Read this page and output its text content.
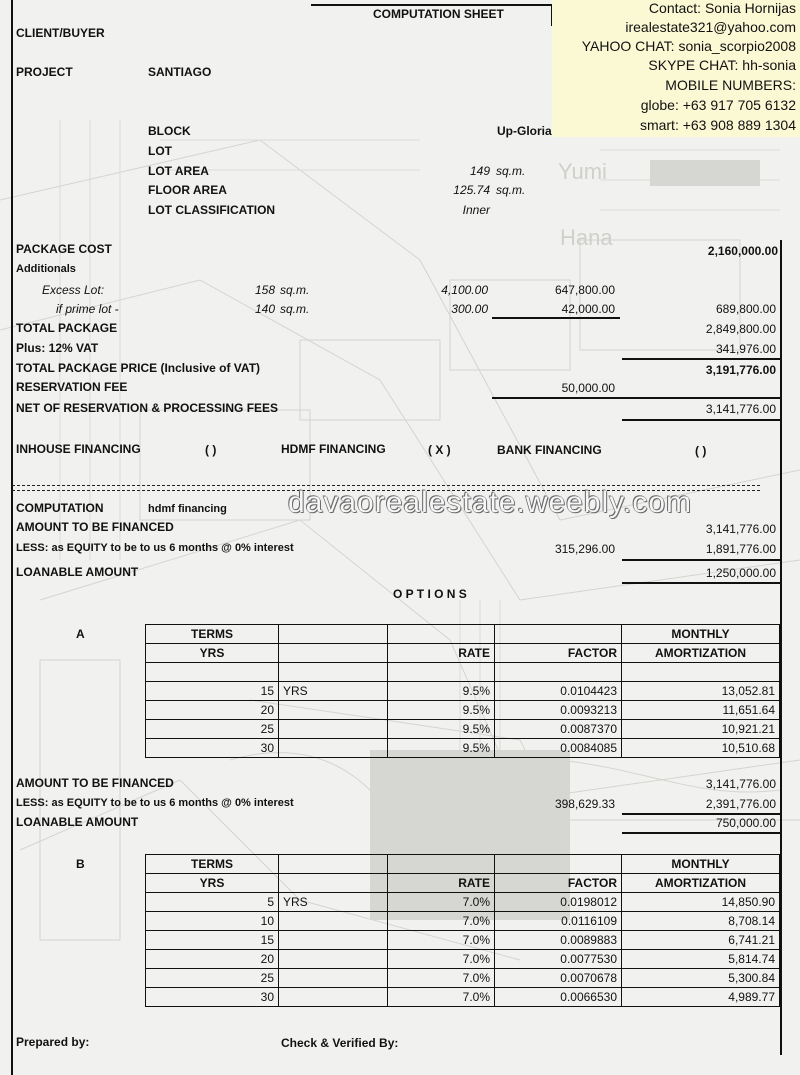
Yumi
Hana
COMPUTATION SHEET	Contact: Sonia Hornijas
irealestate321@yahoo.com
YAHOO CHAT: sonia_scorpio2008
SKYPE CHAT: hh-sonia
MOBILE NUMBERS:
globe: +63 917 705 6132
smart: +63 908 889 1304
CLIENT/BUYER
PROJECT	SANTIAGO
BLOCK	Up-Gloria
LOT
LOT AREA	149 sq.m.
FLOOR AREA	125.74 sq.m.
LOT CLASSIFICATION	Inner
PACKAGE COST	2,160,000.00
Additionals
Excess Lot:	158 sq.m.	4,100.00	647,800.00
if prime lot -	140 sq.m.	300.00	42,000.00	689,800.00
TOTAL PACKAGE	2,849,800.00
Plus: 12% VAT	341,976.00
TOTAL PACKAGE PRICE (Inclusive of VAT)	3,191,776.00
RESERVATION FEE	50,000.00
NET OF RESERVATION & PROCESSING FEES	3,141,776.00
INHOUSE FINANCING	( )	HDMF FINANCING	( X )	BANK FINANCING	( )
davaorealestate.weebly.com
COMPUTATION	hdmf financing
AMOUNT TO BE FINANCED	3,141,776.00
LESS: as EQUITY to be to us 6 months @ 0% interest	315,296.00	1,891,776.00
LOANABLE AMOUNT	1,250,000.00
O P T I O N S
A	TERMS				MONTHLY
YRS		RATE	FACTOR	AMORTIZATION

15	YRS	9.5%	0.0104423	13,052.81
20		9.5%	0.0093213	11,651.64
25		9.5%	0.0087370	10,921.21
30		9.5%	0.0084085	10,510.68
AMOUNT TO BE FINANCED	3,141,776.00
LESS: as EQUITY to be to us 6 months @ 0% interest	398,629.33	2,391,776.00
LOANABLE AMOUNT	750,000.00
B	TERMS				MONTHLY
YRS		RATE	FACTOR	AMORTIZATION
5	YRS	7.0%	0.0198012	14,850.90
10		7.0%	0.0116109	8,708.14
15		7.0%	0.0089883	6,741.21
20		7.0%	0.0077530	5,814.74
25		7.0%	0.0070678	5,300.84
30		7.0%	0.0066530	4,989.77
Prepared by:	Check & Verified By:
